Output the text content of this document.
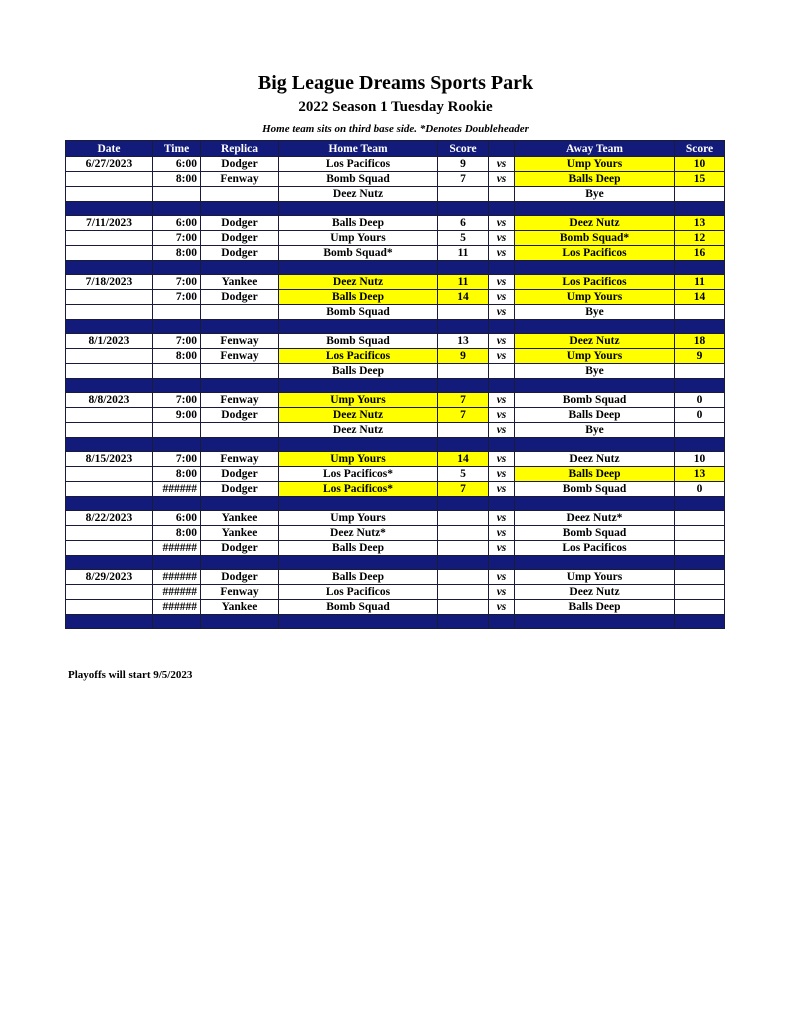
Big League Dreams Sports Park
2022 Season 1 Tuesday Rookie
Home team sits on third base side. *Denotes Doubleheader
Date	Time	Replica	Home Team	Score		Away Team	Score
6/27/2023	6:00	Dodger	Los Pacificos	9	vs	Ump Yours	10
	8:00	Fenway	Bomb Squad	7	vs	Balls Deep	15
			Deez Nutz			Bye	

7/11/2023	6:00	Dodger	Balls Deep	6	vs	Deez Nutz	13
	7:00	Dodger	Ump Yours	5	vs	Bomb Squad*	12
	8:00	Dodger	Bomb Squad*	11	vs	Los Pacificos	16

7/18/2023	7:00	Yankee	Deez Nutz	11	vs	Los Pacificos	11
	7:00	Dodger	Balls Deep	14	vs	Ump Yours	14
			Bomb Squad		vs	Bye	

8/1/2023	7:00	Fenway	Bomb Squad	13	vs	Deez Nutz	18
	8:00	Fenway	Los Pacificos	9	vs	Ump Yours	9
			Balls Deep			Bye	

8/8/2023	7:00	Fenway	Ump Yours	7	vs	Bomb Squad	0
	9:00	Dodger	Deez Nutz	7	vs	Balls Deep	0
			Deez Nutz		vs	Bye	

8/15/2023	7:00	Fenway	Ump Yours	14	vs	Deez Nutz	10
	8:00	Dodger	Los Pacificos*	5	vs	Balls Deep	13
	######	Dodger	Los Pacificos*	7	vs	Bomb Squad	0

8/22/2023	6:00	Yankee	Ump Yours		vs	Deez Nutz*	
	8:00	Yankee	Deez Nutz*		vs	Bomb Squad	
	######	Dodger	Balls Deep		vs	Los Pacificos	

8/29/2023	######	Dodger	Balls Deep		vs	Ump Yours	
	######	Fenway	Los Pacificos		vs	Deez Nutz	
	######	Yankee	Bomb Squad		vs	Balls Deep	

Playoffs will start 9/5/2023
